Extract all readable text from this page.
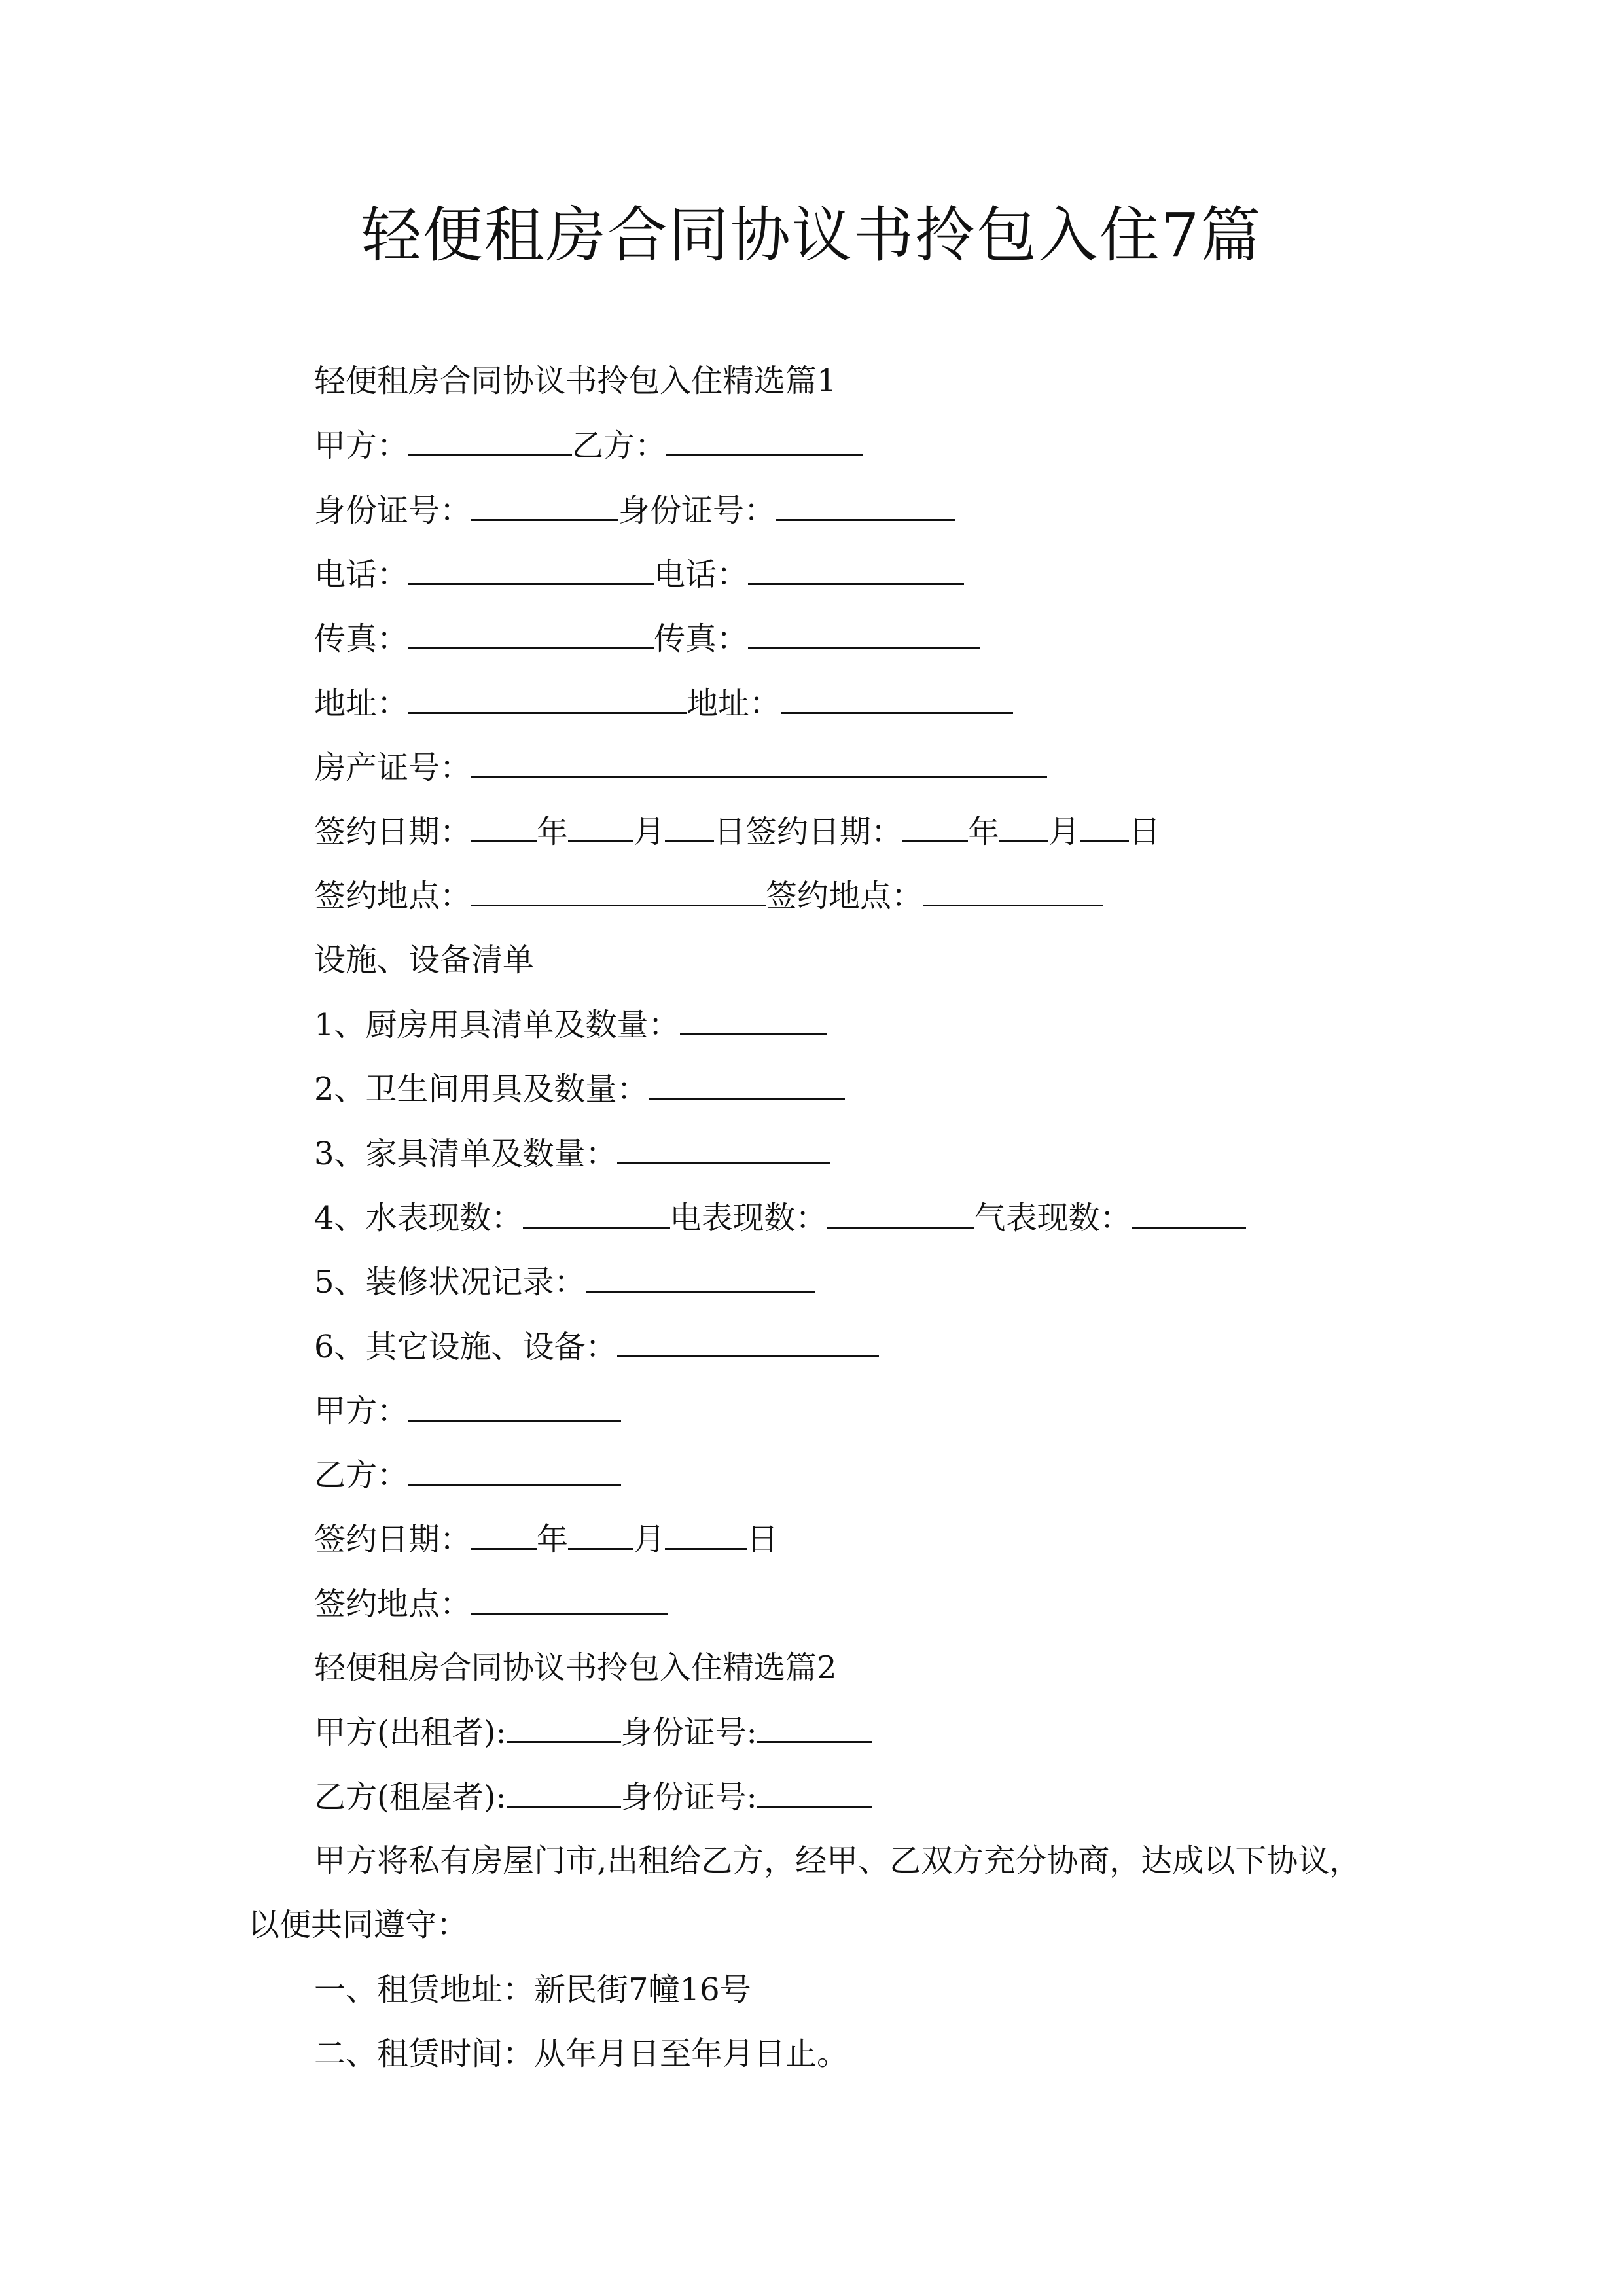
轻便租房合同协议书拎包入住7篇
轻便租房合同协议书拎包入住精选篇1
甲方：	乙方：
身份证号：	身份证号：
电话：	电话：
传真：	传真：
地址：	地址：
房产证号：
签约日期： 年 月 日签约日期： 年 月 日
签约地点：	签约地点：
设施、设备清单
1、厨房用具清单及数量：
2、卫生间用具及数量：
3、家具清单及数量：
4、水表现数：	电表现数：	气表现数：
5、装修状况记录：
6、其它设施、设备：
甲方：
乙方：
签约日期： 年 月	日
签约地点：
轻便租房合同协议书拎包入住精选篇2
甲方(出租者):	身份证号:
乙方(租屋者):	身份证号:
甲方将私有房屋门市,出租给乙方，经甲、乙双方充分协商，达成以下协议，
以便共同遵守：
一、租赁地址：新民街7幢16号
二、租赁时间：从年月日至年月日止。
